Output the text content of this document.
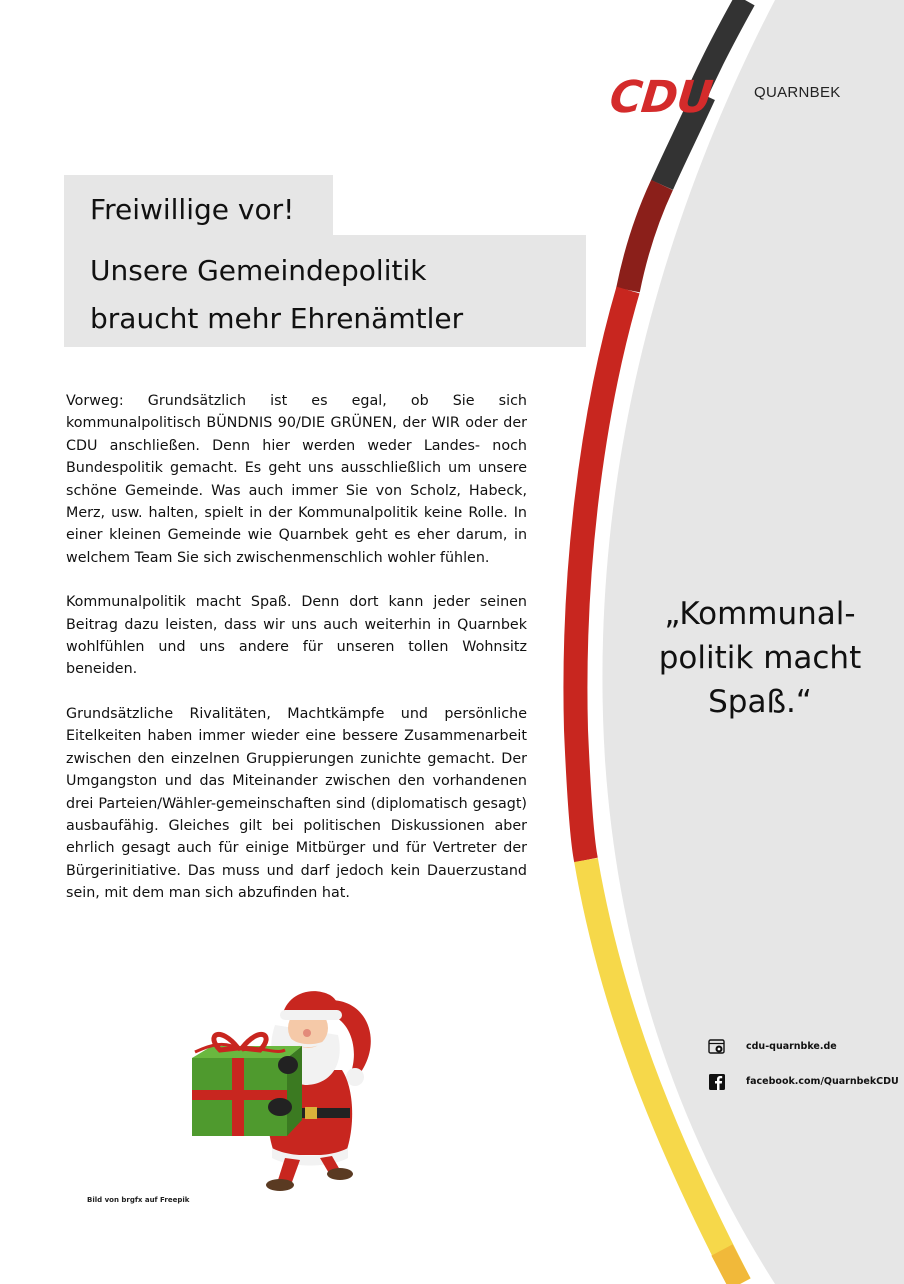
CDU	QUARNBEK
Freiwillige vor!
Unsere Gemeindepolitik
braucht mehr Ehrenämtler

Vorweg: Grundsätzlich ist es egal, ob Sie sich kommunalpolitisch BÜNDNIS 90/DIE GRÜNEN, der WIR oder der CDU anschließen. Denn hier werden weder Landes- noch Bundespolitik gemacht. Es geht uns ausschließlich um unsere schöne Gemeinde. Was auch immer Sie von Scholz, Habeck, Merz, usw. halten, spielt in der Kommunalpolitik keine Rolle. In einer kleinen Gemeinde wie Quarnbek geht es eher darum, in welchem Team Sie sich zwischenmenschlich wohler fühlen.

Kommunalpolitik macht Spaß. Denn dort kann jeder seinen Beitrag dazu leisten, dass wir uns auch weiterhin in Quarnbek wohlfühlen und uns andere für unseren tollen Wohnsitz beneiden.

Grundsätzliche Rivalitäten, Machtkämpfe und persönliche Eitelkeiten haben immer wieder eine bessere Zusammenarbeit zwischen den einzelnen Gruppierungen zunichte gemacht. Der Umgangston und das Miteinander zwischen den vorhandenen drei Parteien/Wähler-gemeinschaften sind (diplomatisch gesagt) ausbaufähig. Gleiches gilt bei politischen Diskussionen aber ehrlich gesagt auch für einige Mitbürger und für Vertreter der Bürgerinitiative. Das muss und darf jedoch kein Dauerzustand sein, mit dem man sich abzufinden hat.

„Kommunal-
politik macht
Spaß.“
cdu-quarnbke.de
facebook.com/QuarnbekCDU
Bild von brgfx auf Freepik
